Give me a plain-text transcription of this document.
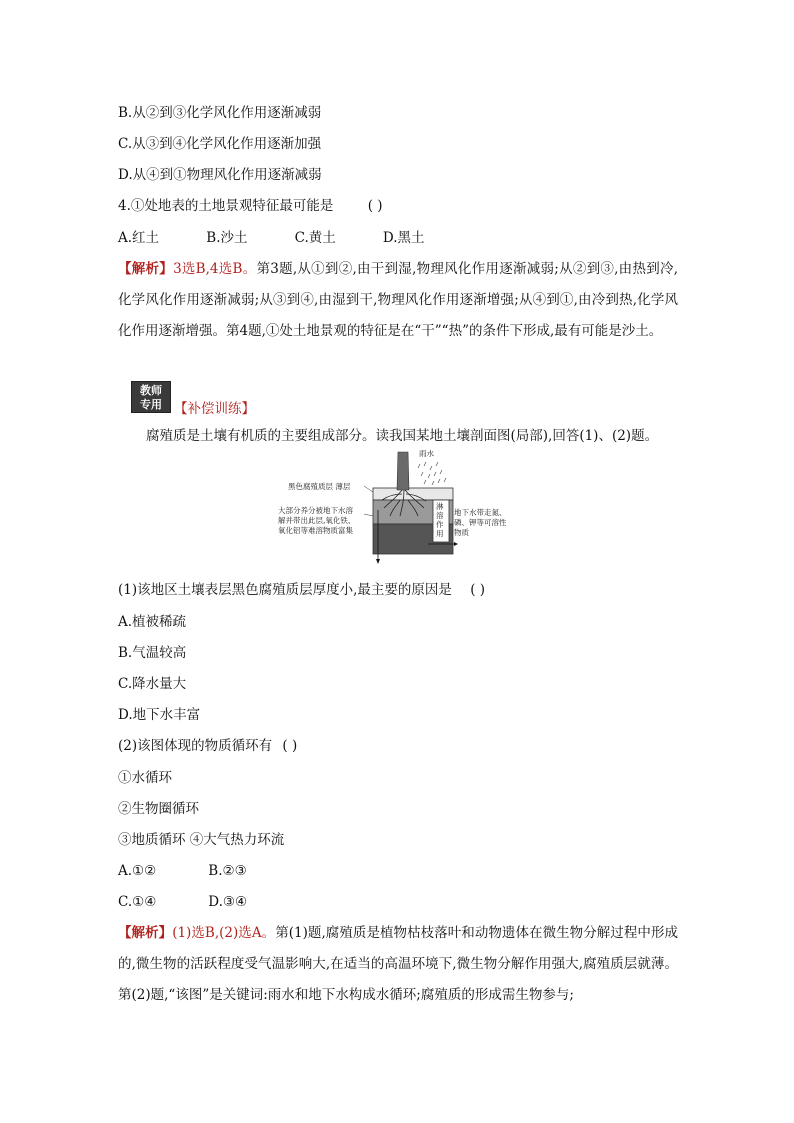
B.从②到③化学风化作用逐渐减弱
C.从③到④化学风化作用逐渐加强
D.从④到①物理风化作用逐渐减弱
4.①处地表的土地景观特征最可能是	( )
A.红土	B.沙土	C.黄土	D.黑土
【解析】3选B,4选B。第3题,从①到②,由干到湿,物理风化作用逐渐减弱;从②到③,由热到冷,化学风化作用逐渐减弱;从③到④,由湿到干,物理风化作用逐渐增强;从④到①,由冷到热,化学风化作用逐渐增强。第4题,①处土地景观的特征是在“干”“热”的条件下形成,最有可能是沙土。
教师
专用 【补偿训练】
腐殖质是土壤有机质的主要组成部分。读我国某地土壤剖面图(局部),回答(1)、(2)题。
雨水
黑色腐殖质层 薄层
大部分养分被地下水溶
解并带出此层,氧化铁、
氧化铝等难溶物质富集
淋溶作用
地下水带走氮、
磷、钾等可溶性
物质
(1)该地区土壤表层黑色腐殖质层厚度小,最主要的原因是 ( )
A.植被稀疏
B.气温较高
C.降水量大
D.地下水丰富
(2)该图体现的物质循环有 ( )
①水循环
②生物圈循环
③地质循环 ④大气热力环流
A.①②	B.②③
C.①④	D.③④
【解析】(1)选B,(2)选A。第(1)题,腐殖质是植物枯枝落叶和动物遗体在微生物分解过程中形成的,微生物的活跃程度受气温影响大,在适当的高温环境下,微生物分解作用强大,腐殖质层就薄。第(2)题,“该图”是关键词:雨水和地下水构成水循环;腐殖质的形成需生物参与;
